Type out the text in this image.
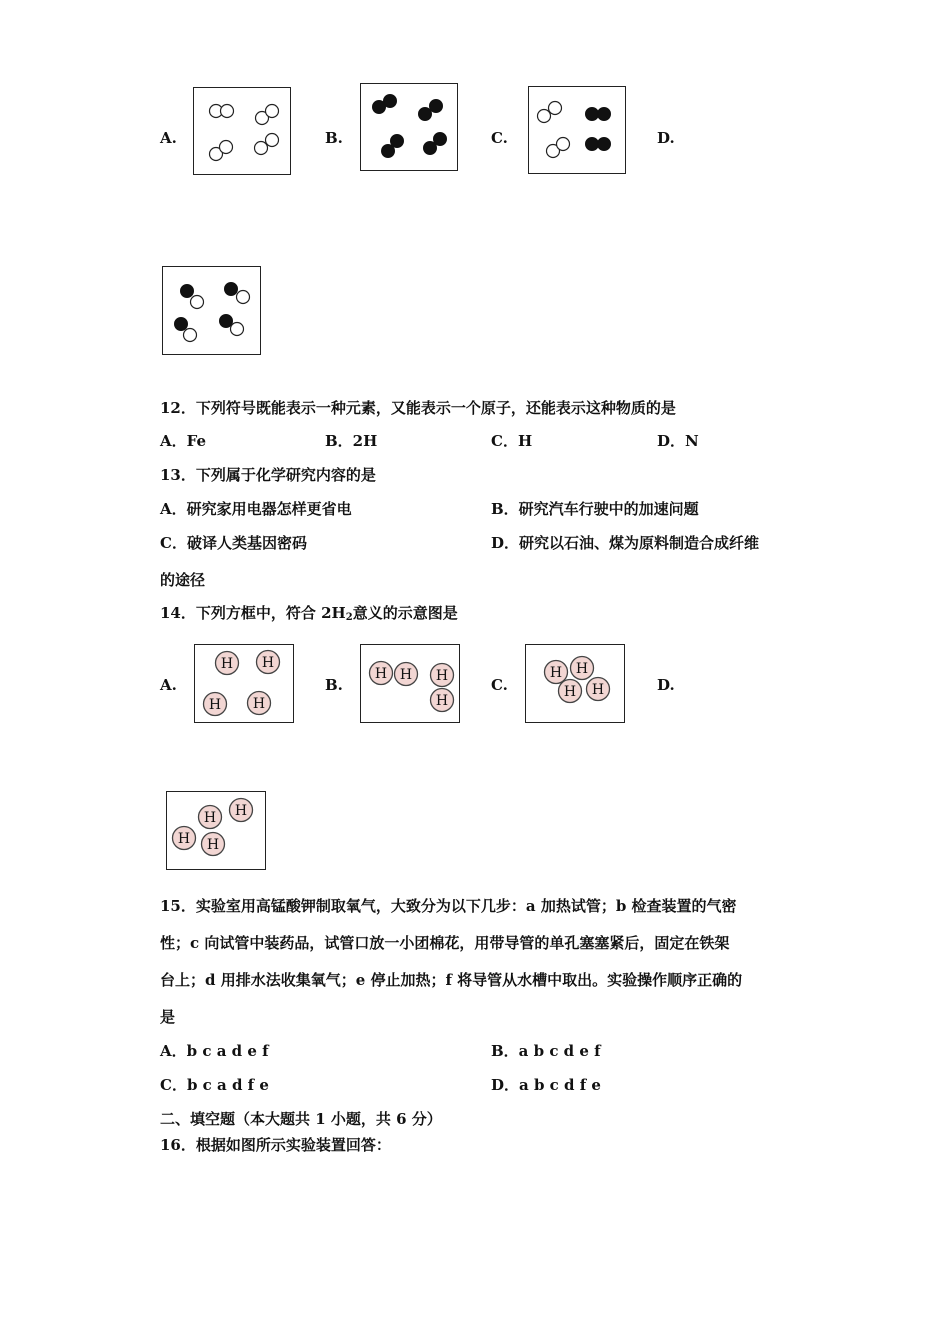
A.	B.	C.	D.
12．下列符号既能表示一种元素，又能表示一个原子，还能表示这种物质的是
A．Fe	B．2H	C．H	D．N
13．下列属于化学研究内容的是
A．研究家用电器怎样更省电	B．研究汽车行驶中的加速问题
C．破译人类基因密码	D．研究以石油、煤为原料制造合成纤维
的途径
14．下列方框中，符合 $2H_2$意义的示意图是
A.
H H
H H
B.
H H H
H
C.
H H
H H	D.
H H
H H
15．实验室用高锰酸钾制取氧气，大致分为以下几步：a 加热试管；b 检查装置的气密
性；c 向试管中装药品，试管口放一小团棉花，用带导管的单孔塞塞紧后，固定在铁架
台上；d 用排水法收集氧气；e 停止加热；f 将导管从水槽中取出。实验操作顺序正确的
是
A．b c a d e f	B．a b c d e f
C．b c a d f e	D．a b c d f e
二、填空题（本大题共 1 小题，共 6 分）
16．根据如图所示实验装置回答：
